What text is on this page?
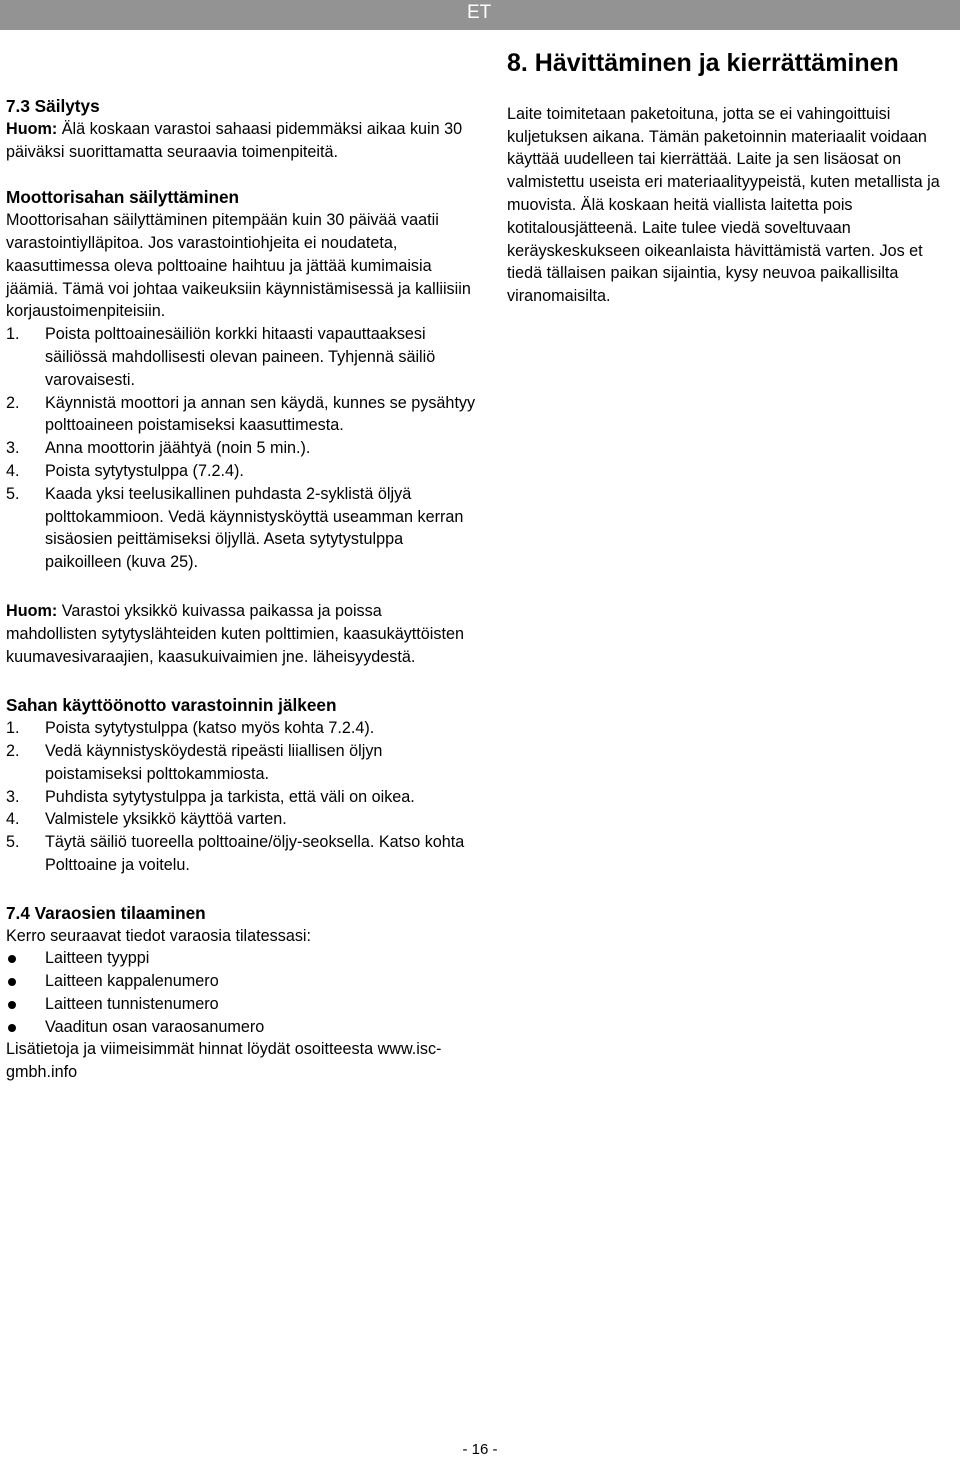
ET
7.3 Säilytys

Huom: Älä koskaan varastoi sahaasi pidemmäksi aikaa kuin 30 päiväksi suorittamatta seuraavia toimenpiteitä.

Moottorisahan säilyttäminen

Moottorisahan säilyttäminen pitempään kuin 30 päivää vaatii varastointiylläpitoa. Jos varastointiohjeita ei noudateta, kaasuttimessa oleva polttoaine haihtuu ja jättää kumimaisia jäämiä. Tämä voi johtaa vaikeuksiin käynnistämisessä ja kalliisiin korjaustoimenpiteisiin.

1. Poista polttoainesäiliön korkki hitaasti vapauttaaksesi säiliössä mahdollisesti olevan paineen. Tyhjennä säiliö varovaisesti.
2. Käynnistä moottori ja annan sen käydä, kunnes se pysähtyy polttoaineen poistamiseksi kaasuttimesta.
3. Anna moottorin jäähtyä (noin 5 min.).
4. Poista sytytystulppa (7.2.4).
5. Kaada yksi teelusikallinen puhdasta 2-syklistä öljyä polttokammioon. Vedä käynnistysköyttä useamman kerran sisäosien peittämiseksi öljyllä. Aseta sytytystulppa paikoilleen (kuva 25).

Huom: Varastoi yksikkö kuivassa paikassa ja poissa mahdollisten sytytyslähteiden kuten polttimien, kaasukäyttöisten kuumavesivaraajien, kaasukuivaimien jne. läheisyydestä.

Sahan käyttöönotto varastoinnin jälkeen
1. Poista sytytystulppa (katso myös kohta 7.2.4).
2. Vedä käynnistysköydestä ripeästi liiallisen öljyn poistamiseksi polttokammiosta.
3. Puhdista sytytystulppa ja tarkista, että väli on oikea.
4. Valmistele yksikkö käyttöä varten.
5. Täytä säiliö tuoreella polttoaine/öljy-seoksella. Katso kohta Polttoaine ja voitelu.
7.4 Varaosien tilaaminen

Kerro seuraavat tiedot varaosia tilatessasi:

Laitteen tyyppi
Laitteen kappalenumero
Laitteen tunnistenumero
Vaaditun osan varaosanumero

Lisätietoja ja viimeisimmät hinnat löydät osoitteesta www.isc-gmbh.info

8. Hävittäminen ja kierrättäminen

Laite toimitetaan paketoituna, jotta se ei vahingoittuisi kuljetuksen aikana. Tämän paketoinnin materiaalit voidaan käyttää uudelleen tai kierrättää. Laite ja sen lisäosat on valmistettu useista eri materiaalityypeistä, kuten metallista ja muovista. Älä koskaan heitä viallista laitetta pois kotitalousjätteenä. Laite tulee viedä soveltuvaan keräyskeskukseen oikeanlaista hävittämistä varten. Jos et tiedä tällaisen paikan sijaintia, kysy neuvoa paikallisilta viranomaisilta.

- 16 -
